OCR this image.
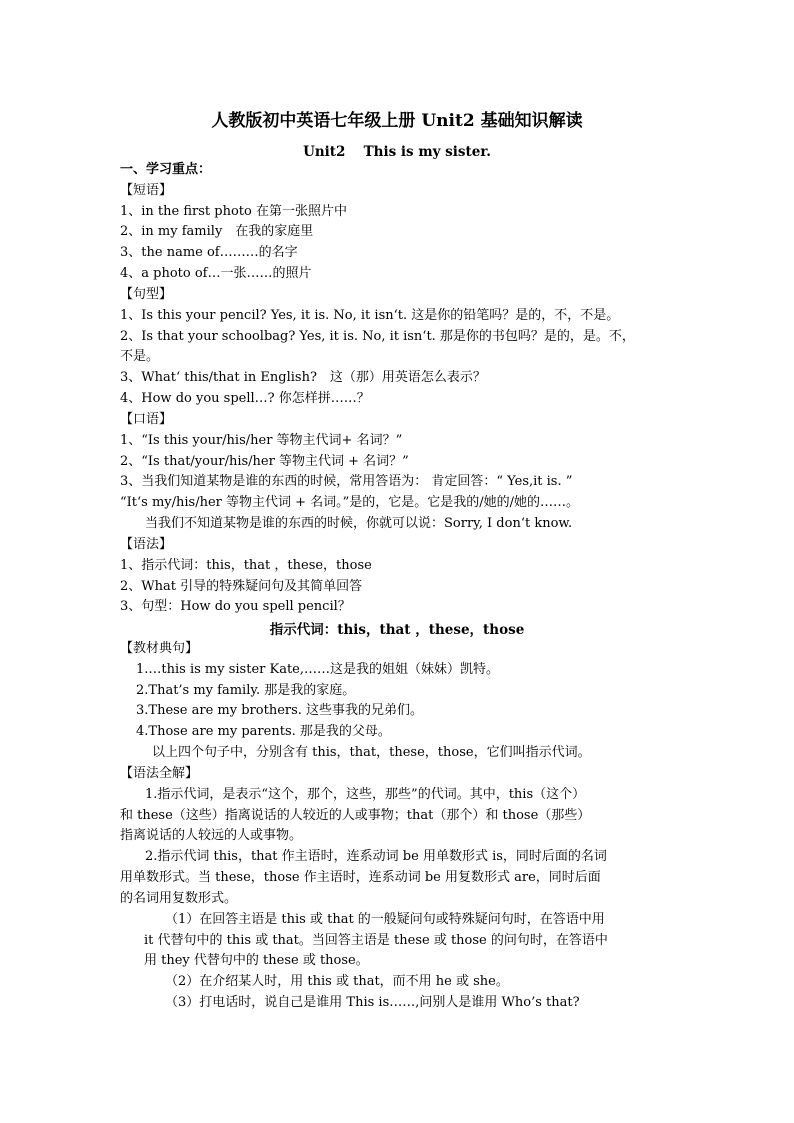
人教版初中英语七年级上册 Unit2 基础知识解读
Unit2　 This is my sister.
一、学习重点：
【短语】
1、in the first photo 在第一张照片中
2、in my family　在我的家庭里
3、the name of………的名字
4、a photo of…一张……的照片
【句型】
1、Is this your pencil? Yes, it is. No, it isn‘t. 这是你的铅笔吗？是的，不，不是。
2、Is that your schoolbag? Yes, it is. No, it isn‘t. 那是你的书包吗？是的，是。不，
不是。
3、What‘ this/that in English?　这（那）用英语怎么表示？
4、How do you spell…? 你怎样拼……？
【口语】
1、“Is this your/his/her 等物主代词+ 名词？”
2、“Is that/your/his/her 等物主代词 + 名词？”
3、当我们知道某物是谁的东西的时候，常用答语为： 肯定回答：“ Yes,it is. ”
“It‘s my/his/her 等物主代词 + 名词。”是的，它是。它是我的/她的/她的……。
当我们不知道某物是谁的东西的时候，你就可以说：Sorry, I don‘t know.
【语法】
1、指示代词：this，that ，these，those
2、What 引导的特殊疑问句及其简单回答
3、句型：How do you spell pencil？
指示代词：this，that ，these，those
【教材典句】
1.…this is my sister Kate,……这是我的姐姐（妹妹）凯特。
2.That’s my family. 那是我的家庭。
3.These are my brothers. 这些事我的兄弟们。
4.Those are my parents. 那是我的父母。
以上四个句子中，分别含有 this，that，these，those，它们叫指示代词。
【语法全解】
1.指示代词，是表示“这个，那个，这些，那些”的代词。其中，this（这个）
和 these（这些）指离说话的人较近的人或事物；that（那个）和 those（那些）
指离说话的人较远的人或事物。
2.指示代词 this，that 作主语时，连系动词 be 用单数形式 is，同时后面的名词
用单数形式。当 these，those 作主语时，连系动词 be 用复数形式 are，同时后面
的名词用复数形式。
（1）在回答主语是 this 或 that 的一般疑问句或特殊疑问句时，在答语中用
it 代替句中的 this 或 that。当回答主语是 these 或 those 的问句时，在答语中
用 they 代替句中的 these 或 those。
（2）在介绍某人时，用 this 或 that，而不用 he 或 she。
（3）打电话时，说自己是谁用 This is……,问别人是谁用 Who’s that?
